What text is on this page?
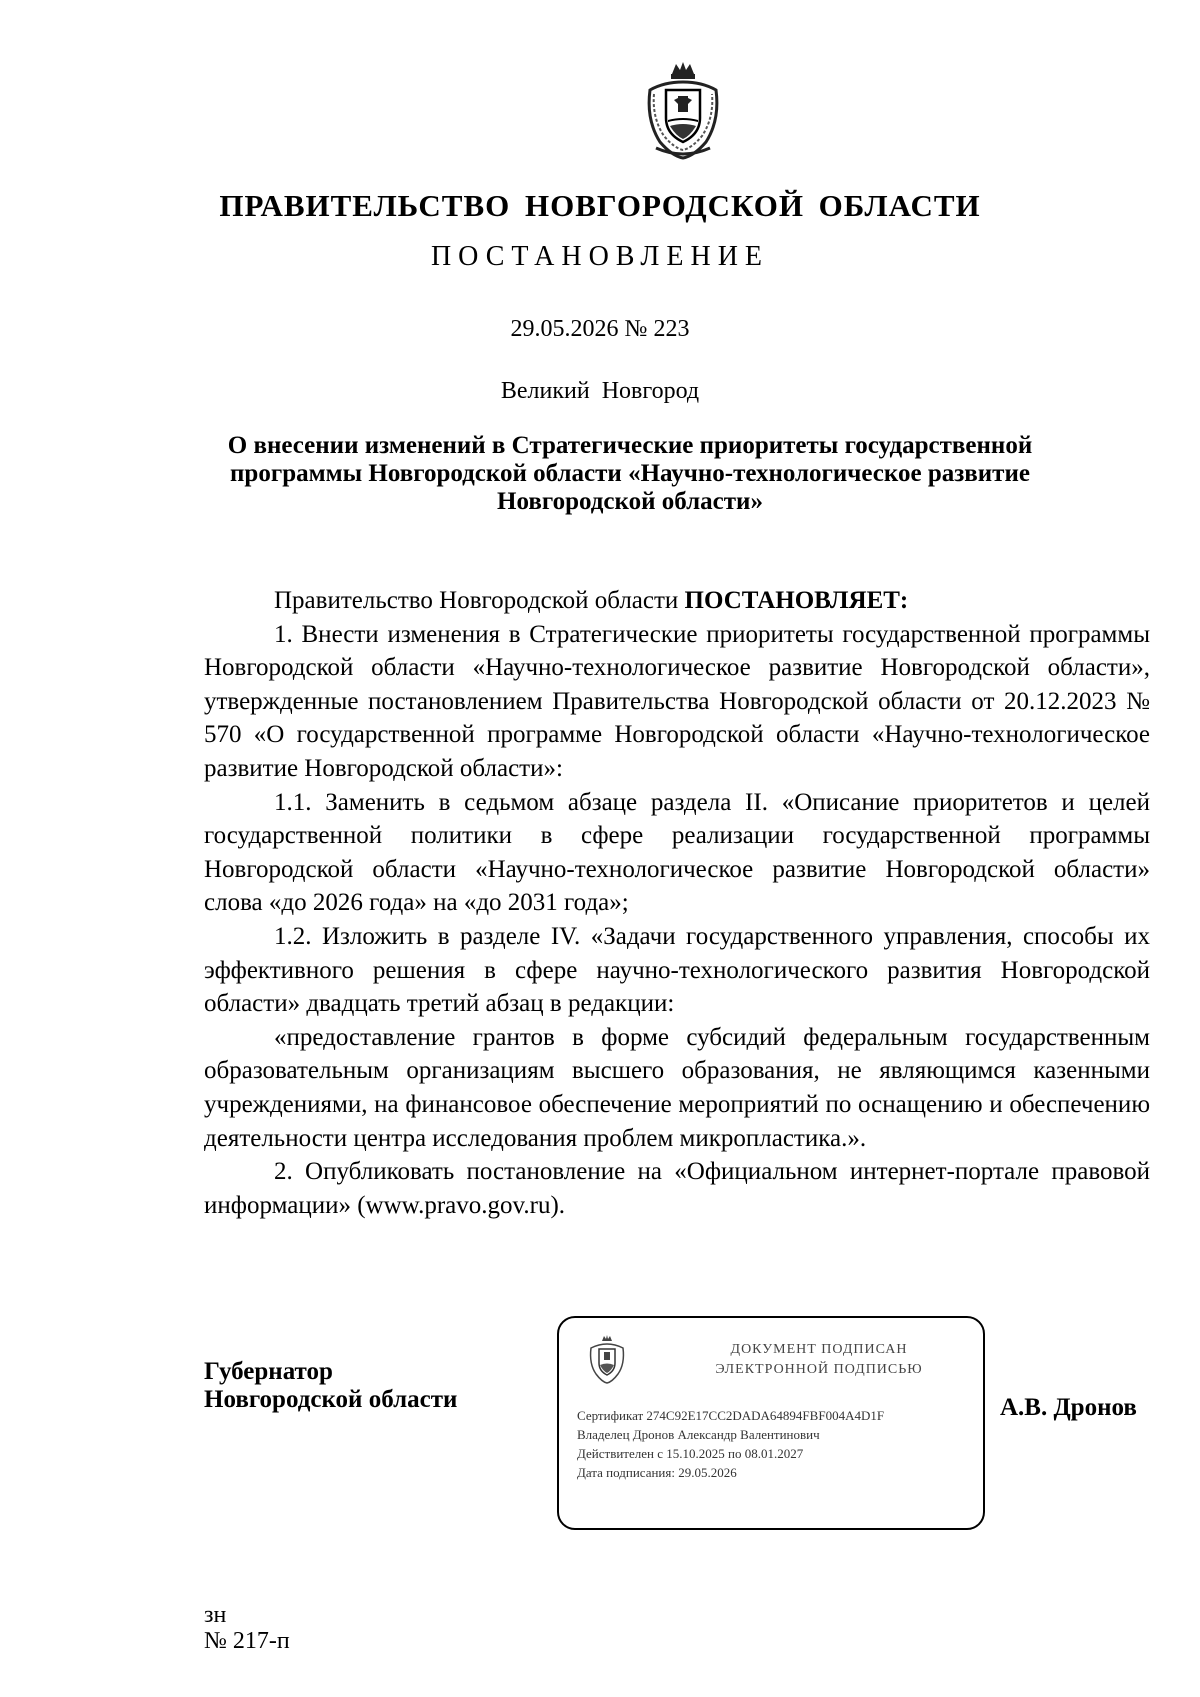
ПРАВИТЕЛЬСТВО НОВГОРОДСКОЙ ОБЛАСТИ
ПОСТАНОВЛЕНИЕ
29.05.2026 № 223
Великий Новгород
О внесении изменений в Стратегические приоритеты государственной
программы Новгородской области «Научно-технологическое развитие
Новгородской области»

Правительство Новгородской области ПОСТАНОВЛЯЕТ:

1. Внести изменения в Стратегические приоритеты государственной программы Новгородской области «Научно-технологическое развитие Новгородской области», утвержденные постановлением Правительства Новгородской области от 20.12.2023 № 570 «О государственной программе Новгородской области «Научно-технологическое развитие Новгородской области»:

1.1. Заменить в седьмом абзаце раздела II. «Описание приоритетов и целей государственной политики в сфере реализации государственной программы Новгородской области «Научно-технологическое развитие Новгородской области» слова «до 2026 года» на «до 2031 года»;

1.2. Изложить в разделе IV. «Задачи государственного управления, способы их эффективного решения в сфере научно-технологического развития Новгородской области» двадцать третий абзац в редакции:

«предоставление грантов в форме субсидий федеральным государственным образовательным организациям высшего образования, не являющимся казенными учреждениями, на финансовое обеспечение мероприятий по оснащению и обеспечению деятельности центра исследования проблем микропластика.».

2. Опубликовать постановление на «Официальном интернет-портале правовой информации» (www.pravo.gov.ru).

Губернатор
Новгородской области
ДОКУМЕНТ ПОДПИСАН
ЭЛЕКТРОННОЙ ПОДПИСЬЮ
Сертификат 274C92E17CC2DADA64894FBF004A4D1F
Владелец Дронов Александр Валентинович
Действителен с 15.10.2025 по 08.01.2027
Дата подписания: 29.05.2026
А.В. Дронов
зн
№ 217-п
